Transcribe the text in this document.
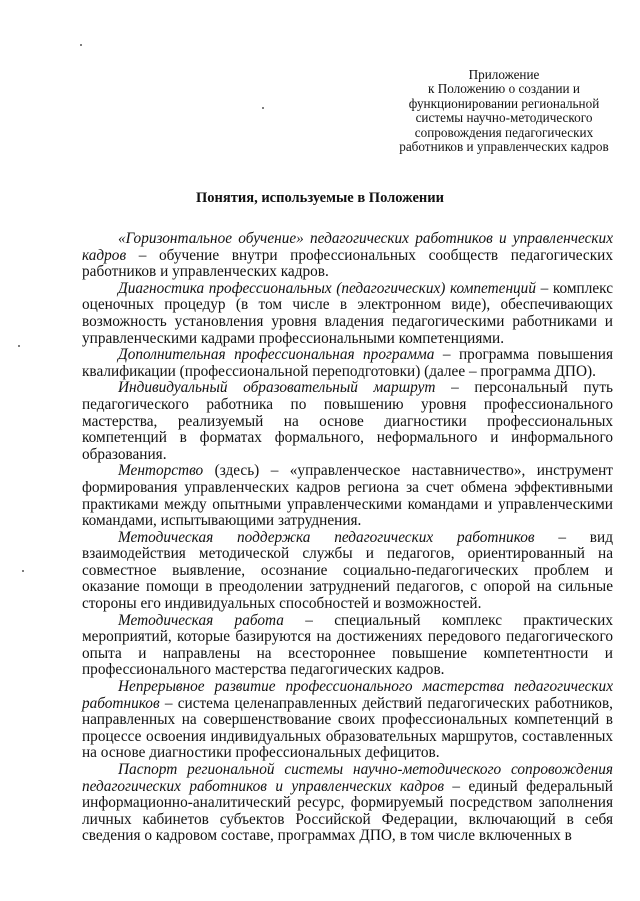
Приложение
к Положению о создании и
функционировании региональной
системы научно-методического
сопровождения педагогических
работников и управленческих кадров
Понятия, используемые в Положении

«Горизонтальное обучение» педагогических работников и управленческих кадров – обучение внутри профессиональных сообществ педагогических работников и управленческих кадров.

Диагностика профессиональных (педагогических) компетенций – комплекс оценочных процедур (в том числе в электронном виде), обеспечивающих возможность установления уровня владения педагогическими работниками и управленческими кадрами профессиональными компетенциями.

Дополнительная профессиональная программа – программа повышения квалификации (профессиональной переподготовки) (далее – программа ДПО).

Индивидуальный образовательный маршрут – персональный путь педагогического работника по повышению уровня профессионального мастерства, реализуемый на основе диагностики профессиональных компетенций в форматах формального, неформального и информального образования.

Менторство (здесь) – «управленческое наставничество», инструмент формирования управленческих кадров региона за счет обмена эффективными практиками между опытными управленческими командами и управленческими командами, испытывающими затруднения.

Методическая поддержка педагогических работников – вид взаимодействия методической службы и педагогов, ориентированный на совместное выявление, осознание социально-педагогических проблем и оказание помощи в преодолении затруднений педагогов, с опорой на сильные стороны его индивидуальных способностей и возможностей.

Методическая работа – специальный комплекс практических мероприятий, которые базируются на достижениях передового педагогического опыта и направлены на всестороннее повышение компетентности и профессионального мастерства педагогических кадров.

Непрерывное развитие профессионального мастерства педагогических работников – система целенаправленных действий педагогических работников, направленных на совершенствование своих профессиональных компетенций в процессе освоения индивидуальных образовательных маршрутов, составленных на основе диагностики профессиональных дефицитов.

Паспорт региональной системы научно-методического сопровождения педагогических работников и управленческих кадров – единый федеральный информационно-аналитический ресурс, формируемый посредством заполнения личных кабинетов субъектов Российской Федерации, включающий в себя сведения о кадровом составе, программах ДПО, в том числе включенных в
